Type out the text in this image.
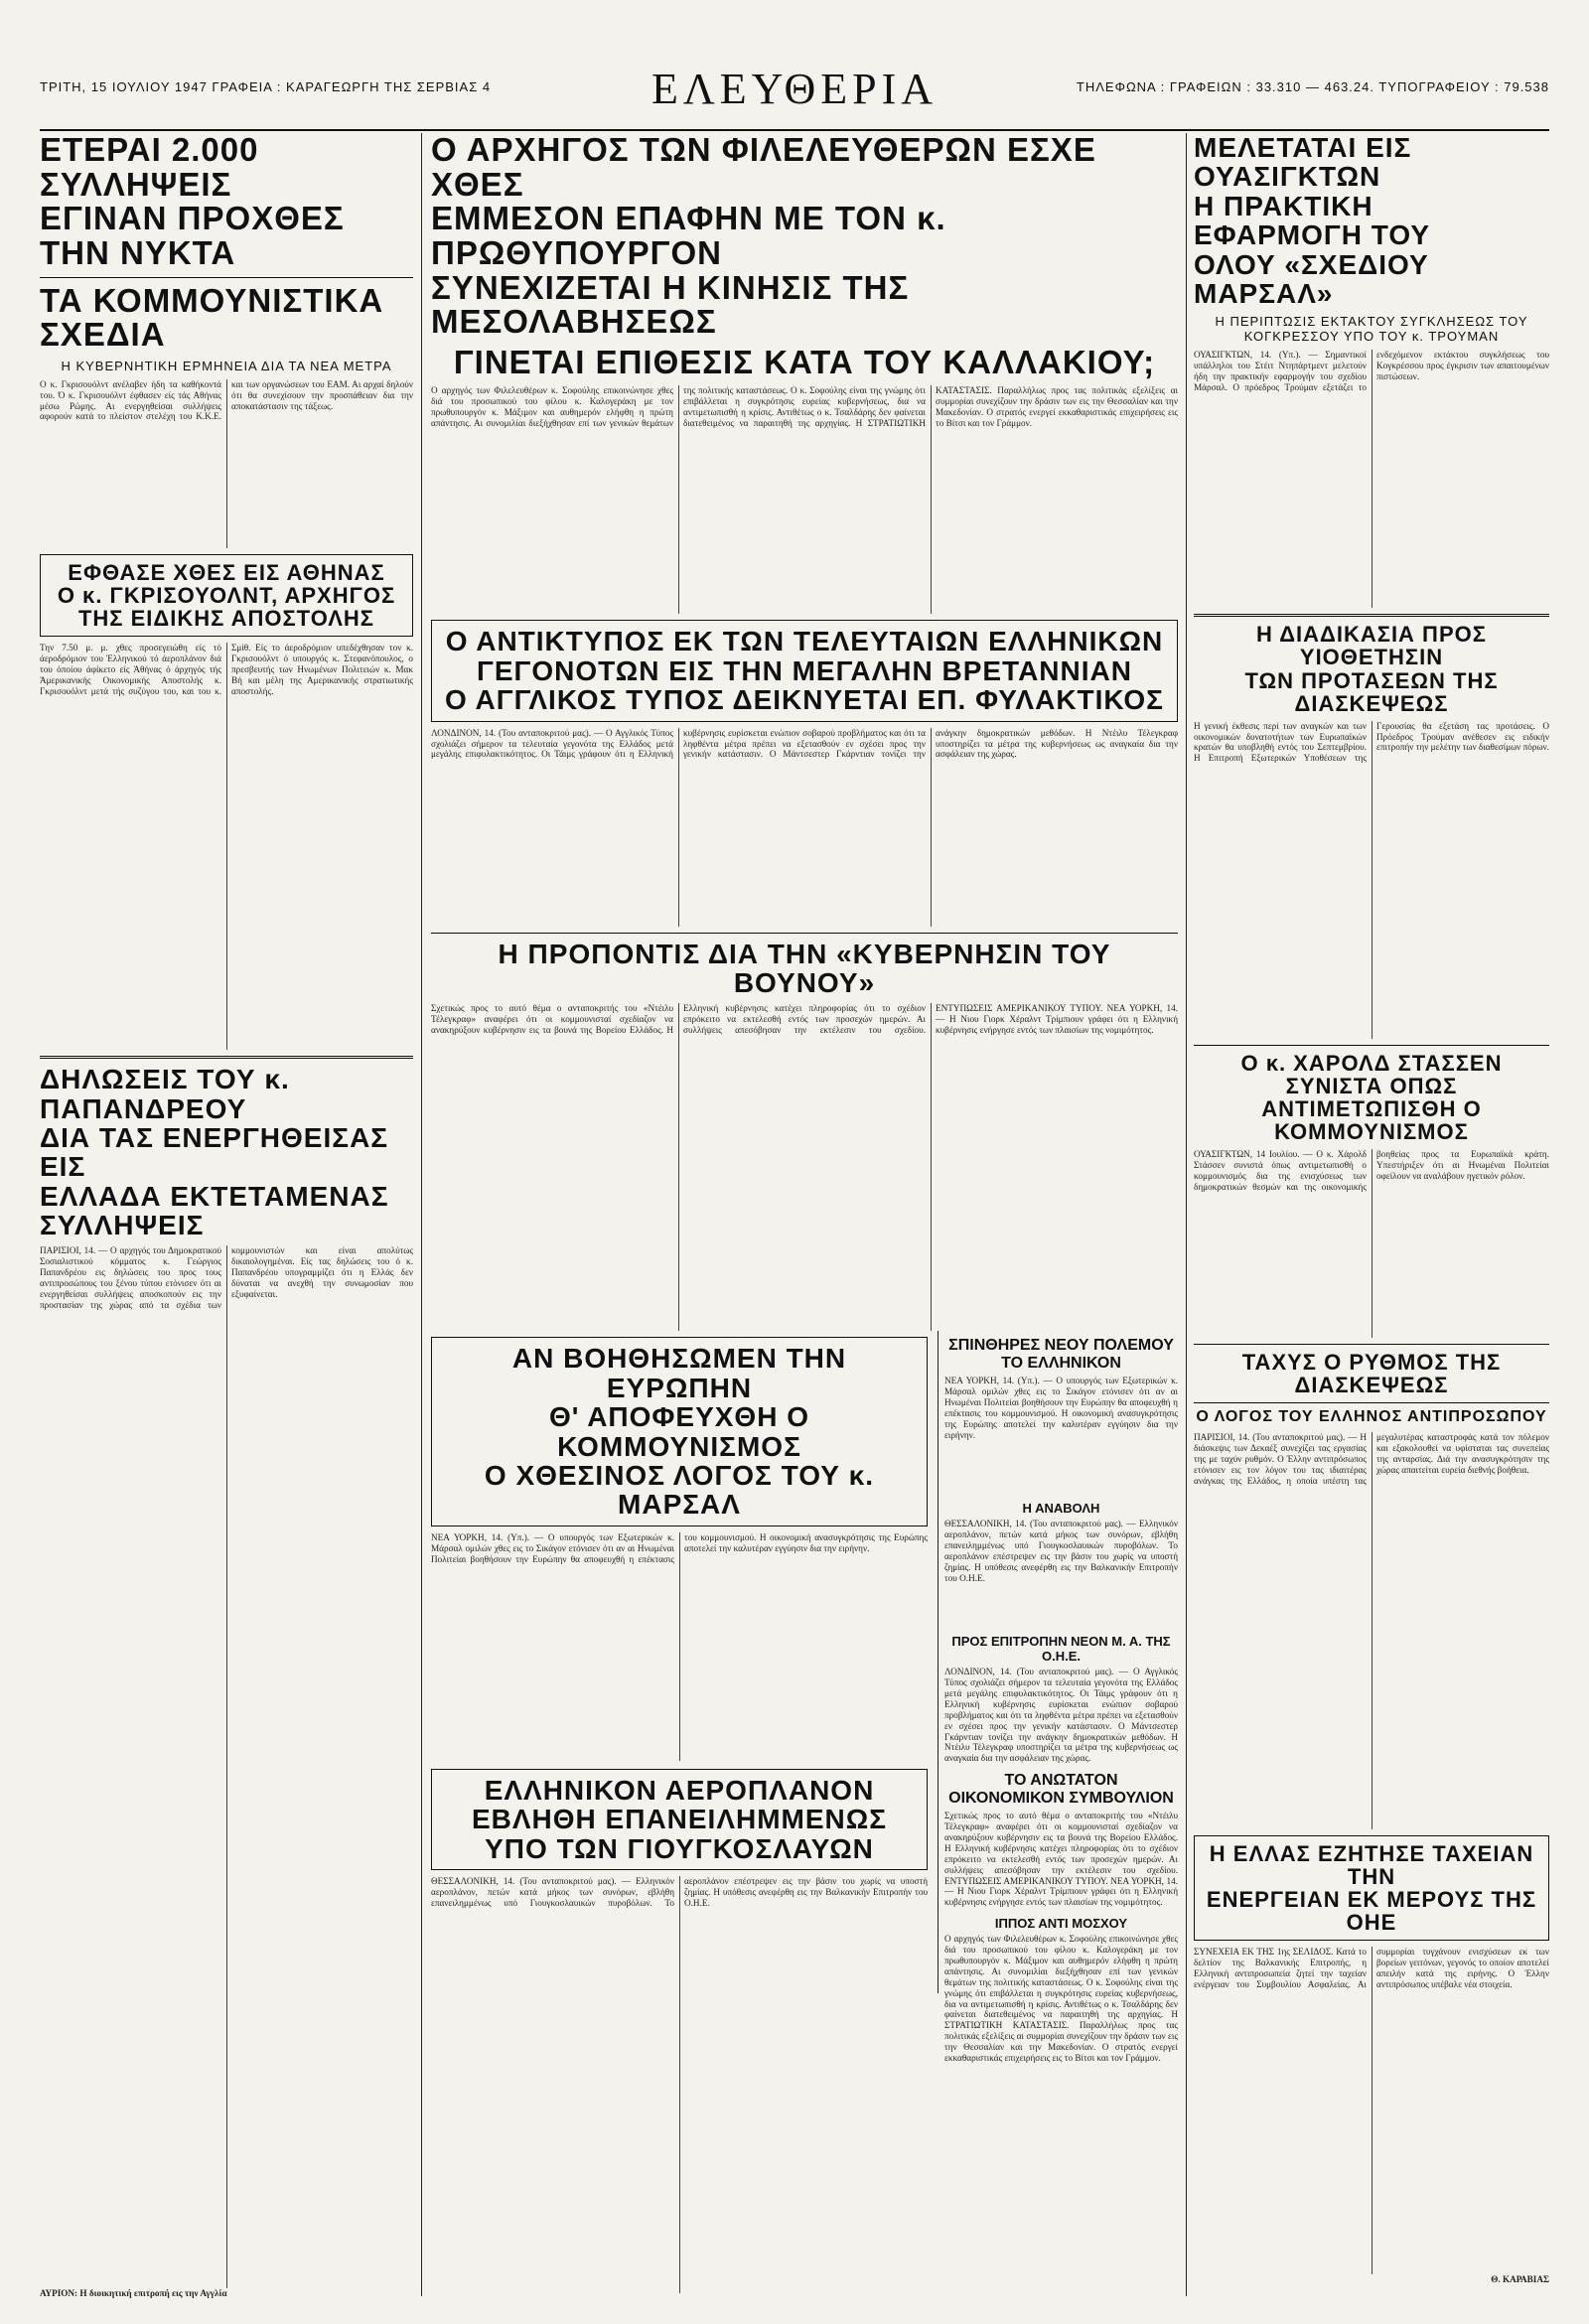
ΤΡΙΤΗ, 15 ΙΟΥΛΙΟΥ 1947 ΓΡΑΦΕΙΑ : ΚΑΡΑΓΕΩΡΓΗ ΤΗΣ ΣΕΡΒΙΑΣ 4	ΕΛΕΥΘΕΡΙΑ	ΤΗΛΕΦΩΝΑ : ΓΡΑΦΕΙΩΝ : 33.310 — 463.24. ΤΥΠΟΓΡΑΦΕΙΟΥ : 79.538

ΕΤΕΡΑΙ 2.000 ΣΥΛΛΗΨΕΙΣ

ΕΓΙΝΑΝ ΠΡΟΧΘΕΣ ΤΗΝ ΝΥΚΤΑ

ΤΑ ΚΟΜΜΟΥΝΙΣΤΙΚΑ ΣΧΕΔΙΑ

Η ΚΥΒΕΡΝΗΤΙΚΗ ΕΡΜΗΝΕΙΑ ΔΙΑ ΤΑ ΝΕΑ ΜΕΤΡΑ
Ο κ. Γκρισουόλντ ανέλαβεν ήδη τα καθήκοντά του. Ό κ. Γκρισουόλντ έφθασεν είς τάς Αθήνας μέσω Ρώμης. Αι ενεργηθείσαι συλλήψεις αφορούν κατά το πλείστον στελέχη του Κ.Κ.Ε. και των οργανώσεων του ΕΑΜ. Αι αρχαί δηλούν ότι θα συνεχίσουν την προσπάθειαν δια την αποκατάστασιν της τάξεως.

ΕΦΘΑΣΕ ΧΘΕΣ ΕΙΣ ΑΘΗΝΑΣ

Ο κ. ΓΚΡΙΣΟΥΟΛΝΤ, ΑΡΧΗΓΟΣ

ΤΗΣ ΕΙΔΙΚΗΣ ΑΠΟΣΤΟΛΗΣ

Την 7.50 μ. μ. χθες προσεγειώθη είς τό άεροδρόμιον του Έλληνικού τό άεροπλάνον διά του όποίου άφίκετο είς Άθήνας ό άρχηγός τής Άμερικανικής Οικονομικής Αποστολής κ. Γκρισουόλντ μετά τής συζύγου του, και του κ. Σμίθ. Είς το άεροδρόμιον υπεδέχθησαν τον κ. Γκρισουόλντ ό υπουργός κ. Στεφανόπουλος, ο πρεσβευτής των Ηνωμένων Πολιτειών κ. Μακ Βή και μέλη της Αμερικανικής στρατιωτικής αποστολής.

ΔΗΛΩΣΕΙΣ ΤΟΥ κ. ΠΑΠΑΝΔΡΕΟΥ

ΔΙΑ ΤΑΣ ΕΝΕΡΓΗΘΕΙΣΑΣ ΕΙΣ

ΕΛΛΑΔΑ ΕΚΤΕΤΑΜΕΝΑΣ ΣΥΛΛΗΨΕΙΣ

ΠΑΡΙΣΙΟΙ, 14. — Ο αρχηγός του Δημοκρατικού Σοσιαλιστικού κόμματος κ. Γεώργιος Παπανδρέου εις δηλώσεις του προς τους αντιπροσώπους του ξένου τύπου ετόνισεν ότι αι ενεργηθείσαι συλλήψεις αποσκοπούν εις την προστασίαν της χώρας από τα σχέδια των κομμουνιστών και είναι απολύτως δικαιολογημέναι. Είς τας δηλώσεις του ό κ. Παπανδρέου υπογραμμίζει ότι η Ελλάς δεν δύναται να ανεχθή την συνωμοσίαν που εξυφαίνεται.
ΑΥΡΙΟΝ: Η διοικητική επιτροπή εις την Αγγλία

Ο ΑΡΧΗΓΟΣ ΤΩΝ ΦΙΛΕΛΕΥΘΕΡΩΝ ΕΣΧΕ ΧΘΕΣ

ΕΜΜΕΣΟΝ ΕΠΑΦΗΝ ΜΕ ΤΟΝ κ. ΠΡΩΘΥΠΟΥΡΓΟΝ

ΣΥΝΕΧΙΖΕΤΑΙ Η ΚΙΝΗΣΙΣ ΤΗΣ ΜΕΣΟΛΑΒΗΣΕΩΣ

ΓΙΝΕΤΑΙ ΕΠΙΘΕΣΙΣ ΚΑΤΑ ΤΟΥ ΚΑΛΛΑΚΙΟΥ;

Ο αρχηγός των Φιλελευθέρων κ. Σοφούλης επικοινώνησε χθες διά του προσωπικού του φίλου κ. Καλογεράκη με τον πρωθυπουργόν κ. Μάξιμον και αυθημερόν ελήφθη η πρώτη απάντησις. Αι συνομιλίαι διεξήχθησαν επί των γενικών θεμάτων της πολιτικής καταστάσεως. Ο κ. Σοφούλης είναι της γνώμης ότι επιβάλλεται η συγκρότησις ευρείας κυβερνήσεως, δια να αντιμετωπισθή η κρίσις. Αντιθέτως ο κ. Τσαλδάρης δεν φαίνεται διατεθειμένος να παραιτηθή της αρχηγίας. Η ΣΤΡΑΤΙΩΤΙΚΗ ΚΑΤΑΣΤΑΣΙΣ. Παραλλήλως προς τας πολιτικάς εξελίξεις αι συμμορίαι συνεχίζουν την δράσιν των εις την Θεσσαλίαν και την Μακεδονίαν. Ο στρατός ενεργεί εκκαθαριστικάς επιχειρήσεις εις το Βίτσι και τον Γράμμον.

Ο ΑΝΤΙΚΤΥΠΟΣ ΕΚ ΤΩΝ ΤΕΛΕΥΤΑΙΩΝ ΕΛΛΗΝΙΚΩΝ

ΓΕΓΟΝΟΤΩΝ ΕΙΣ ΤΗΝ ΜΕΓΑΛΗΝ ΒΡΕΤΑΝΝΙΑΝ

Ο ΑΓΓΛΙΚΟΣ ΤΥΠΟΣ ΔΕΙΚΝΥΕΤΑΙ ΕΠ. ΦΥΛΑΚΤΙΚΟΣ

ΛΟΝΔΙΝΟΝ, 14. (Του ανταποκριτού μας). — Ο Αγγλικός Τύπος σχολιάζει σήμερον τα τελευταία γεγονότα της Ελλάδος μετά μεγάλης επιφυλακτικότητος. Οι Τάιμς γράφουν ότι η Ελληνική κυβέρνησις ευρίσκεται ενώπιον σοβαρού προβλήματος και ότι τα ληφθέντα μέτρα πρέπει να εξετασθούν εν σχέσει προς την γενικήν κατάστασιν. Ο Μάντσεστερ Γκάρντιαν τονίζει την ανάγκην δημοκρατικών μεθόδων. Η Ντέιλυ Τέλεγκραφ υποστηρίζει τα μέτρα της κυβερνήσεως ως αναγκαία δια την ασφάλειαν της χώρας.

Η ΠΡΟΠΟΝΤΙΣ ΔΙΑ ΤΗΝ «ΚΥΒΕΡΝΗΣΙΝ ΤΟΥ ΒΟΥΝΟΥ»

Σχετικώς προς το αυτό θέμα ο ανταποκριτής του «Ντέιλυ Τέλεγκραφ» αναφέρει ότι οι κομμουνισταί σχεδίαζον να ανακηρύξουν κυβέρνησιν εις τα βουνά της Βορείου Ελλάδος. Η Ελληνική κυβέρνησις κατέχει πληροφορίας ότι το σχέδιον επρόκειτο να εκτελεσθή εντός των προσεχών ημερών. Αι συλλήψεις απεσόβησαν την εκτέλεσιν του σχεδίου. ΕΝΤΥΠΩΣΕΙΣ ΑΜΕΡΙΚΑΝΙΚΟΥ ΤΥΠΟΥ. ΝΕΑ ΥΟΡΚΗ, 14. — Η Νιου Γιορκ Χέραλντ Τρίμπιουν γράφει ότι η Ελληνική κυβέρνησις ενήργησε εντός των πλαισίων της νομιμότητος.

ΑΝ ΒΟΗΘΗΣΩΜΕΝ ΤΗΝ ΕΥΡΩΠΗΝ

Θ' ΑΠΟΦΕΥΧΘΗ Ο ΚΟΜΜΟΥΝΙΣΜΟΣ

Ο ΧΘΕΣΙΝΟΣ ΛΟΓΟΣ ΤΟΥ κ. ΜΑΡΣΑΛ

ΝΕΑ ΥΟΡΚΗ, 14. (Υπ.). — Ο υπουργός των Εξωτερικών κ. Μάρσαλ ομιλών χθες εις το Σικάγον ετόνισεν ότι αν αι Ηνωμέναι Πολιτείαι βοηθήσουν την Ευρώπην θα αποφευχθή η επέκτασις του κομμουνισμού. Η οικονομική ανασυγκρότησις της Ευρώπης αποτελεί την καλυτέραν εγγύησιν δια την ειρήνην.

ΕΛΛΗΝΙΚΟΝ ΑΕΡΟΠΛΑΝΟΝ

ΕΒΛΗΘΗ ΕΠΑΝΕΙΛΗΜΜΕΝΩΣ

ΥΠΟ ΤΩΝ ΓΙΟΥΓΚΟΣΛΑΥΩΝ

ΘΕΣΣΑΛΟΝΙΚΗ, 14. (Του ανταποκριτού μας). — Ελληνικόν αεροπλάνον, πετών κατά μήκος των συνόρων, εβλήθη επανειλημμένως υπό Γιουγκοσλαυικών πυροβόλων. Το αεροπλάνον επέστρεψεν εις την βάσιν του χωρίς να υποστή ζημίας. Η υπόθεσις ανεφέρθη εις την Βαλκανικήν Επιτροπήν του Ο.Η.Ε.
ΣΠΙΝΘΗΡΕΣ ΝΕΟΥ ΠΟΛΕΜΟΥ ΤΟ ΕΛΛΗΝΙΚΟΝ
ΝΕΑ ΥΟΡΚΗ, 14. (Υπ.). — Ο υπουργός των Εξωτερικών κ. Μάρσαλ ομιλών χθες εις το Σικάγον ετόνισεν ότι αν αι Ηνωμέναι Πολιτείαι βοηθήσουν την Ευρώπην θα αποφευχθή η επέκτασις του κομμουνισμού. Η οικονομική ανασυγκρότησις της Ευρώπης αποτελεί την καλυτέραν εγγύησιν δια την ειρήνην.
Η ΑΝΑΒΟΛΗ
ΘΕΣΣΑΛΟΝΙΚΗ, 14. (Του ανταποκριτού μας). — Ελληνικόν αεροπλάνον, πετών κατά μήκος των συνόρων, εβλήθη επανειλημμένως υπό Γιουγκοσλαυικών πυροβόλων. Το αεροπλάνον επέστρεψεν εις την βάσιν του χωρίς να υποστή ζημίας. Η υπόθεσις ανεφέρθη εις την Βαλκανικήν Επιτροπήν του Ο.Η.Ε.
ΠΡΟΣ ΕΠΙΤΡΟΠΗΝ ΝΕΟΝ Μ. Α. ΤΗΣ Ο.Η.Ε.
ΛΟΝΔΙΝΟΝ, 14. (Του ανταποκριτού μας). — Ο Αγγλικός Τύπος σχολιάζει σήμερον τα τελευταία γεγονότα της Ελλάδος μετά μεγάλης επιφυλακτικότητος. Οι Τάιμς γράφουν ότι η Ελληνική κυβέρνησις ευρίσκεται ενώπιον σοβαρού προβλήματος και ότι τα ληφθέντα μέτρα πρέπει να εξετασθούν εν σχέσει προς την γενικήν κατάστασιν. Ο Μάντσεστερ Γκάρντιαν τονίζει την ανάγκην δημοκρατικών μεθόδων. Η Ντέιλυ Τέλεγκραφ υποστηρίζει τα μέτρα της κυβερνήσεως ως αναγκαία δια την ασφάλειαν της χώρας.
ΤΟ ΑΝΩΤΑΤΟΝ ΟΙΚΟΝΟΜΙΚΟΝ ΣΥΜΒΟΥΛΙΟΝ
Σχετικώς προς το αυτό θέμα ο ανταποκριτής του «Ντέιλυ Τέλεγκραφ» αναφέρει ότι οι κομμουνισταί σχεδίαζον να ανακηρύξουν κυβέρνησιν εις τα βουνά της Βορείου Ελλάδος. Η Ελληνική κυβέρνησις κατέχει πληροφορίας ότι το σχέδιον επρόκειτο να εκτελεσθή εντός των προσεχών ημερών. Αι συλλήψεις απεσόβησαν την εκτέλεσιν του σχεδίου. ΕΝΤΥΠΩΣΕΙΣ ΑΜΕΡΙΚΑΝΙΚΟΥ ΤΥΠΟΥ. ΝΕΑ ΥΟΡΚΗ, 14. — Η Νιου Γιορκ Χέραλντ Τρίμπιουν γράφει ότι η Ελληνική κυβέρνησις ενήργησε εντός των πλαισίων της νομιμότητος.
ΙΠΠΟΣ ΑΝΤΙ ΜΟΣΧΟΥ
Ο αρχηγός των Φιλελευθέρων κ. Σοφούλης επικοινώνησε χθες διά του προσωπικού του φίλου κ. Καλογεράκη με τον πρωθυπουργόν κ. Μάξιμον και αυθημερόν ελήφθη η πρώτη απάντησις. Αι συνομιλίαι διεξήχθησαν επί των γενικών θεμάτων της πολιτικής καταστάσεως. Ο κ. Σοφούλης είναι της γνώμης ότι επιβάλλεται η συγκρότησις ευρείας κυβερνήσεως, δια να αντιμετωπισθή η κρίσις. Αντιθέτως ο κ. Τσαλδάρης δεν φαίνεται διατεθειμένος να παραιτηθή της αρχηγίας. Η ΣΤΡΑΤΙΩΤΙΚΗ ΚΑΤΑΣΤΑΣΙΣ. Παραλλήλως προς τας πολιτικάς εξελίξεις αι συμμορίαι συνεχίζουν την δράσιν των εις την Θεσσαλίαν και την Μακεδονίαν. Ο στρατός ενεργεί εκκαθαριστικάς επιχειρήσεις εις το Βίτσι και τον Γράμμον.

ΜΕΛΕΤΑΤΑΙ ΕΙΣ ΟΥΑΣΙΓΚΤΩΝ

Η ΠΡΑΚΤΙΚΗ ΕΦΑΡΜΟΓΗ ΤΟΥ

ΟΛΟΥ «ΣΧΕΔΙΟΥ ΜΑΡΣΑΛ»

Η ΠΕΡΙΠΤΩΣΙΣ ΕΚΤΑΚΤΟΥ ΣΥΓΚΛΗΣΕΩΣ ΤΟΥ ΚΟΓΚΡΕΣΣΟΥ ΥΠΟ ΤΟΥ κ. ΤΡΟΥΜΑΝ
ΟΥΑΣΙΓΚΤΩΝ, 14. (Υπ.). — Σημαντικοί υπάλληλοι του Στέιτ Ντηπάρτμεντ μελετούν ήδη την πρακτικήν εφαρμογήν του σχεδίου Μάρσαλ. Ο πρόεδρος Τρούμαν εξετάζει το ενδεχόμενον εκτάκτου συγκλήσεως του Κογκρέσσου προς έγκρισιν των απαιτουμένων πιστώσεων.

Η ΔΙΑΔΙΚΑΣΙΑ ΠΡΟΣ ΥΙΟΘΕΤΗΣΙΝ

ΤΩΝ ΠΡΟΤΑΣΕΩΝ ΤΗΣ ΔΙΑΣΚΕΨΕΩΣ

Η γενική έκθεσις περί των αναγκών και των οικονομικών δυνατοτήτων των Ευρωπαϊκών κρατών θα υποβληθή εντός του Σεπτεμβρίου. Η Επιτροπή Εξωτερικών Υποθέσεων της Γερουσίας θα εξετάση τας προτάσεις. Ο Πρόεδρος Τρούμαν ανέθεσεν εις ειδικήν επιτροπήν την μελέτην των διαθεσίμων πόρων.

Ο κ. ΧΑΡΟΛΔ ΣΤΑΣΣΕΝ ΣΥΝΙΣΤΑ ΟΠΩΣ

ΑΝΤΙΜΕΤΩΠΙΣΘΗ Ο ΚΟΜΜΟΥΝΙΣΜΟΣ

ΟΥΑΣΙΓΚΤΩΝ, 14 Ιουλίου. — Ο κ. Χάρολδ Στάσσεν συνιστά όπως αντιμετωπισθή ο κομμουνισμός δια της ενισχύσεως των δημοκρατικών θεσμών και της οικονομικής βοηθείας προς τα Ευρωπαϊκά κράτη. Υπεστήριξεν ότι αι Ηνωμέναι Πολιτείαι οφείλουν να αναλάβουν ηγετικόν ρόλον.

ΤΑΧΥΣ Ο ΡΥΘΜΟΣ ΤΗΣ ΔΙΑΣΚΕΨΕΩΣ

Ο ΛΟΓΟΣ ΤΟΥ ΕΛΛΗΝΟΣ ΑΝΤΙΠΡΟΣΩΠΟΥ

ΠΑΡΙΣΙΟΙ, 14. (Του ανταποκριτού μας). — Η διάσκεψις των Δεκαέξ συνεχίζει τας εργασίας της με ταχύν ρυθμόν. Ο Έλλην αντιπρόσωπος ετόνισεν εις τον λόγον του τας ιδιαιτέρας ανάγκας της Ελλάδος, η οποία υπέστη τας μεγαλυτέρας καταστροφάς κατά τον πόλεμον και εξακολουθεί να υφίσταται τας συνεπείας της ανταρσίας. Διά την ανασυγκρότησιν της χώρας απαιτείται ευρεία διεθνής βοήθεια.

Η ΕΛΛΑΣ ΕΖΗΤΗΣΕ ΤΑΧΕΙΑΝ ΤΗΝ

ΕΝΕΡΓΕΙΑΝ ΕΚ ΜΕΡΟΥΣ ΤΗΣ ΟΗΕ

ΣΥΝΕΧΕΙΑ ΕΚ ΤΗΣ 1ης ΣΕΛΙΔΟΣ. Κατά το δελτίον της Βαλκανικής Επιτροπής, η Ελληνική αντιπροσωπεία ζητεί την ταχείαν ενέργειαν του Συμβουλίου Ασφαλείας. Αι συμμορίαι τυγχάνουν ενισχύσεων εκ των βορείων γειτόνων, γεγονός το οποίον αποτελεί απειλήν κατά της ειρήνης. Ο Έλλην αντιπρόσωπος υπέβαλε νέα στοιχεία.
Θ. ΚΑΡΑΒΙΑΣ
